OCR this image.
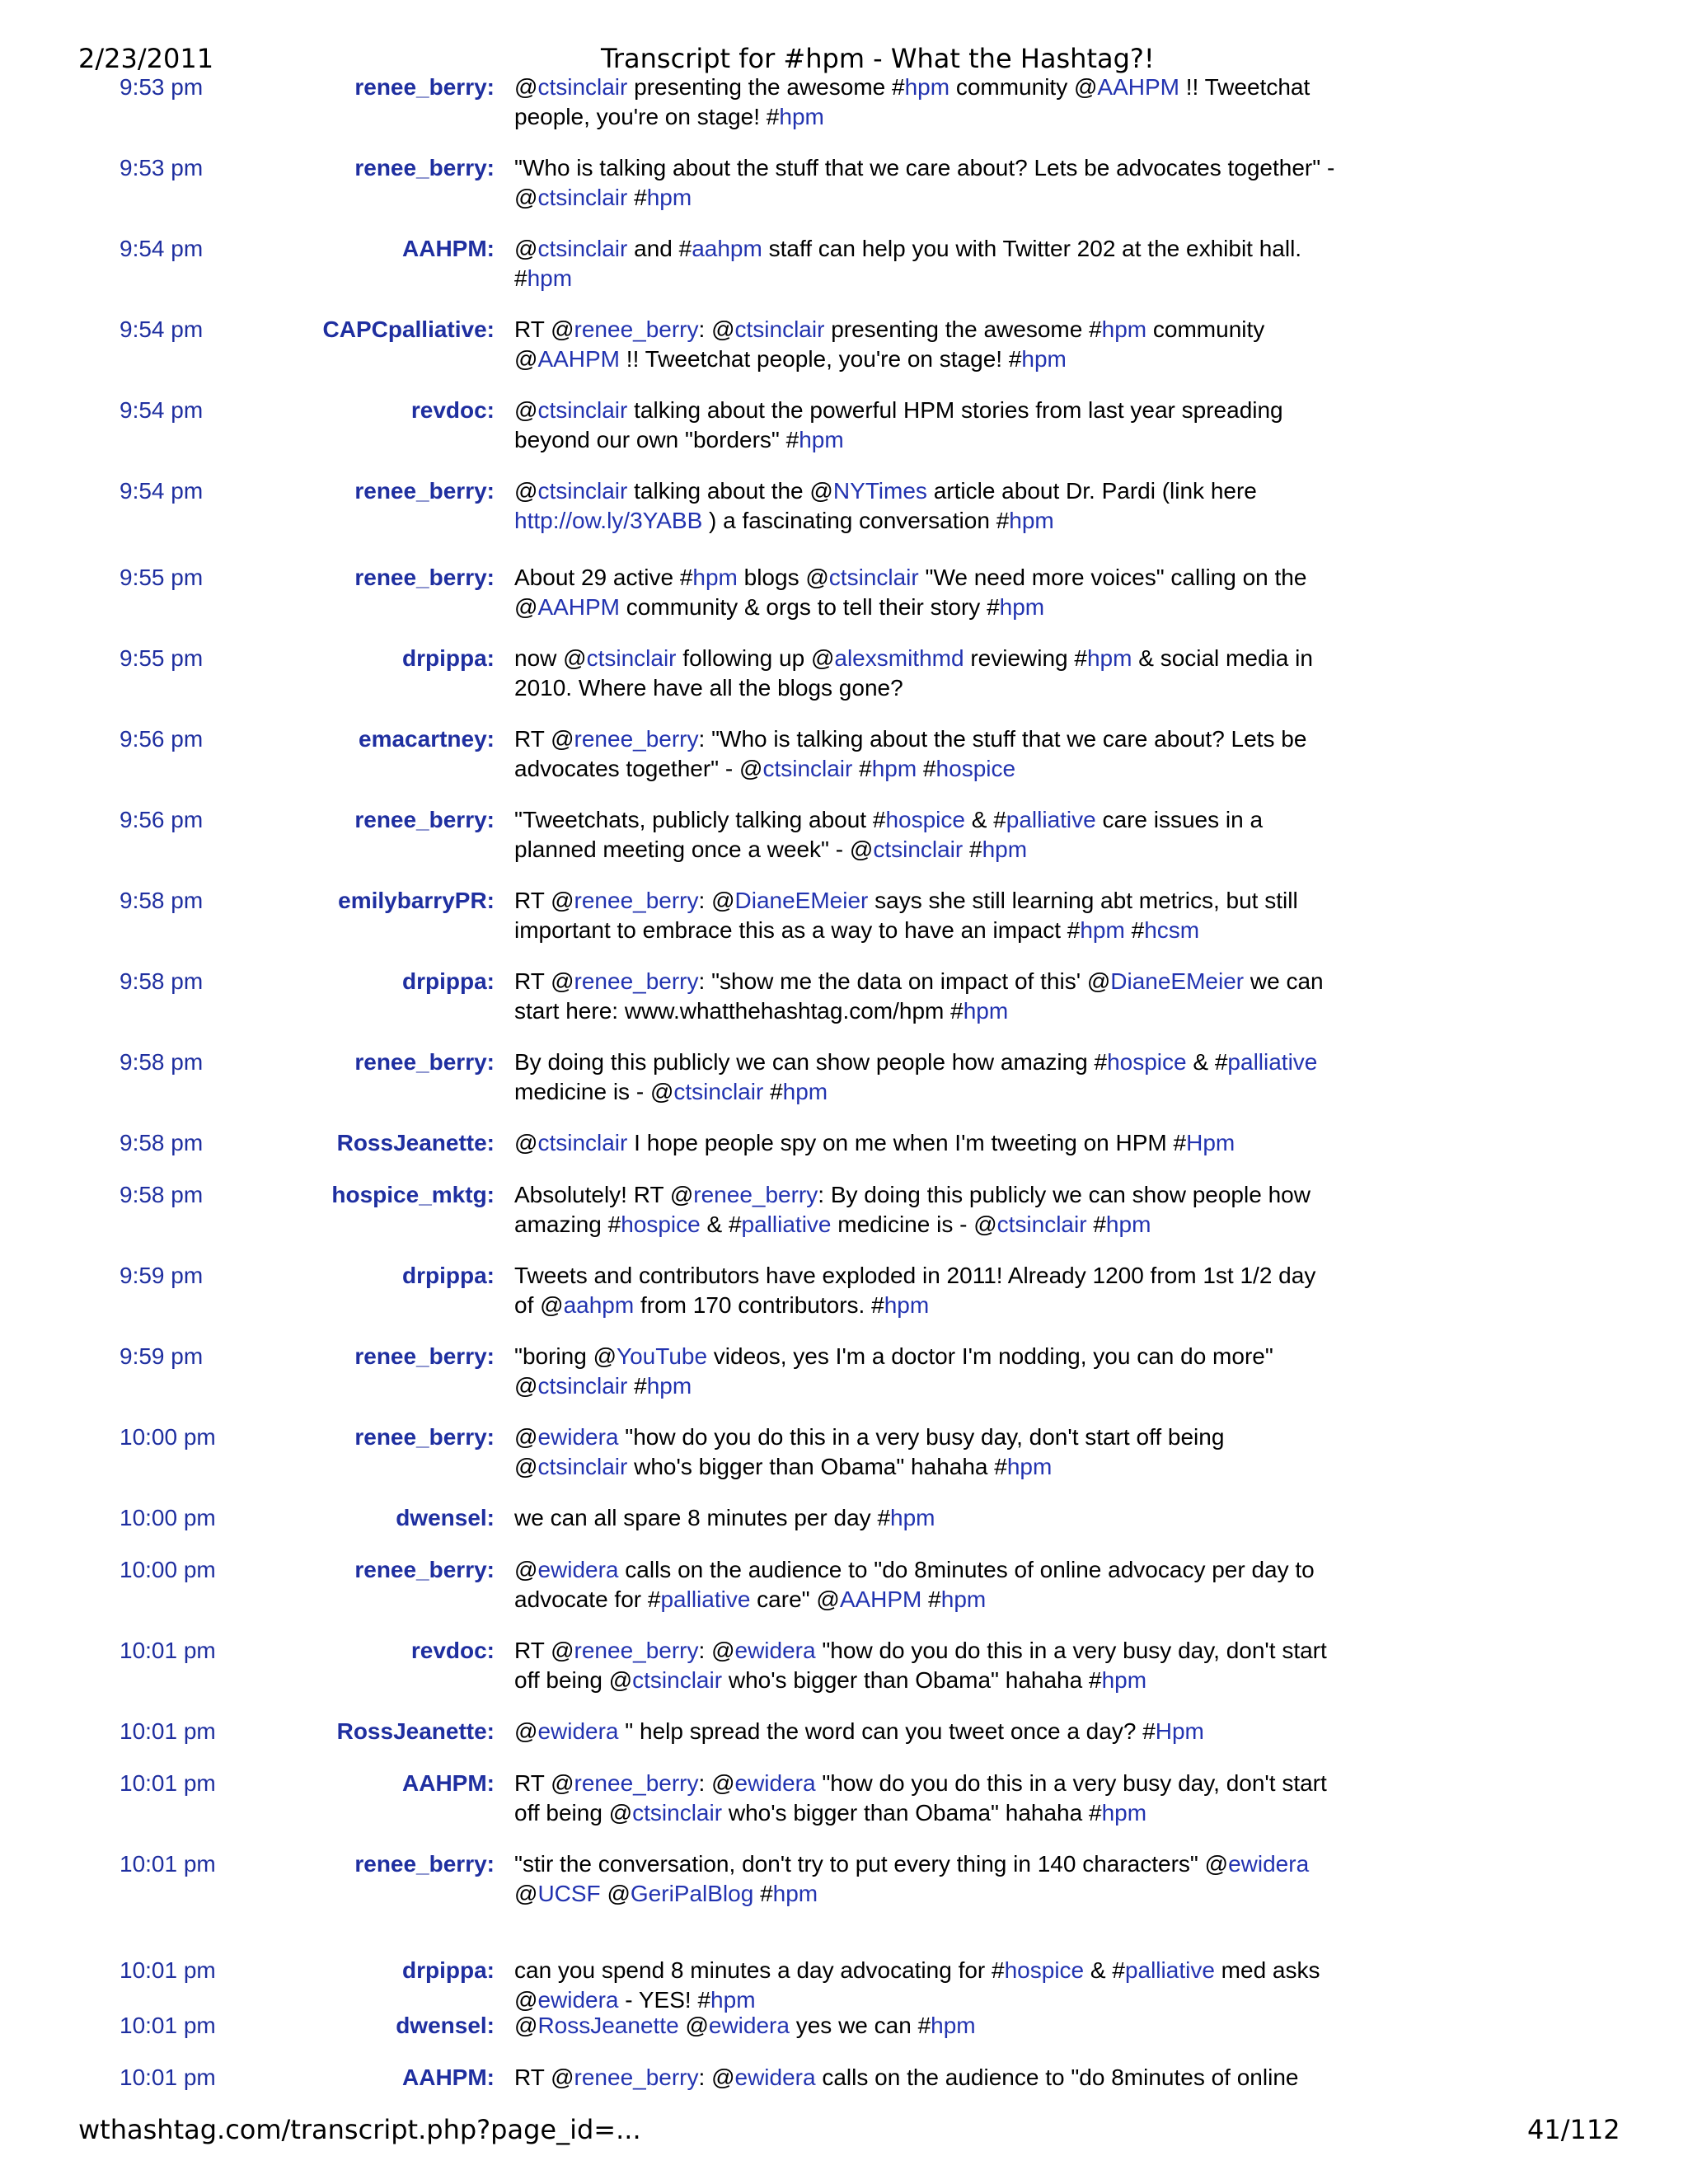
2/23/2011	Transcript for #hpm - What the Hashtag?!
9:53 pm	renee_berry: @ctsinclair presenting the awesome #hpm community @AAHPM !! Tweetchat people, you're on stage! #hpm
9:53 pm	renee_berry: "Who is talking about the stuff that we care about? Lets be advocates together" - @ctsinclair #hpm
9:54 pm	AAHPM: @ctsinclair and #aahpm staff can help you with Twitter 202 at the exhibit hall. #hpm
9:54 pm	CAPCpalliative: RT @renee_berry: @ctsinclair presenting the awesome #hpm community @AAHPM !! Tweetchat people, you're on stage! #hpm
9:54 pm	revdoc: @ctsinclair talking about the powerful HPM stories from last year spreading beyond our own "borders" #hpm
9:54 pm	renee_berry: @ctsinclair talking about the @NYTimes article about Dr. Pardi (link here http://ow.ly/3YABB ) a fascinating conversation #hpm
9:55 pm	renee_berry: About 29 active #hpm blogs @ctsinclair "We need more voices" calling on the @AAHPM community & orgs to tell their story #hpm
9:55 pm	drpippa: now @ctsinclair following up @alexsmithmd reviewing #hpm & social media in 2010. Where have all the blogs gone?
9:56 pm	emacartney: RT @renee_berry: "Who is talking about the stuff that we care about? Lets be advocates together" - @ctsinclair #hpm #hospice
9:56 pm	renee_berry: "Tweetchats, publicly talking about #hospice & #palliative care issues in a planned meeting once a week" - @ctsinclair #hpm
9:58 pm	emilybarryPR: RT @renee_berry: @DianeEMeier says she still learning abt metrics, but still important to embrace this as a way to have an impact #hpm #hcsm
9:58 pm	drpippa: RT @renee_berry: "show me the data on impact of this' @DianeEMeier we can start here: www.whatthehashtag.com/hpm #hpm
9:58 pm	renee_berry: By doing this publicly we can show people how amazing #hospice & #palliative medicine is - @ctsinclair #hpm
9:58 pm	RossJeanette: @ctsinclair I hope people spy on me when I'm tweeting on HPM #Hpm
9:58 pm	hospice_mktg: Absolutely! RT @renee_berry: By doing this publicly we can show people how amazing #hospice & #palliative medicine is - @ctsinclair #hpm
9:59 pm	drpippa: Tweets and contributors have exploded in 2011! Already 1200 from 1st 1/2 day of @aahpm from 170 contributors. #hpm
9:59 pm	renee_berry: "boring @YouTube videos, yes I'm a doctor I'm nodding, you can do more" @ctsinclair #hpm
10:00 pm	renee_berry: @ewidera "how do you do this in a very busy day, don't start off being @ctsinclair who's bigger than Obama" hahaha #hpm
10:00 pm	dwensel: we can all spare 8 minutes per day #hpm
10:00 pm	renee_berry: @ewidera calls on the audience to "do 8minutes of online advocacy per day to advocate for #palliative care" @AAHPM #hpm
10:01 pm	revdoc: RT @renee_berry: @ewidera "how do you do this in a very busy day, don't start off being @ctsinclair who's bigger than Obama" hahaha #hpm
10:01 pm	RossJeanette: @ewidera " help spread the word can you tweet once a day? #Hpm
10:01 pm	AAHPM: RT @renee_berry: @ewidera "how do you do this in a very busy day, don't start off being @ctsinclair who's bigger than Obama" hahaha #hpm
10:01 pm	renee_berry: "stir the conversation, don't try to put every thing in 140 characters" @ewidera @UCSF @GeriPalBlog #hpm
10:01 pm	drpippa: can you spend 8 minutes a day advocating for #hospice & #palliative med asks @ewidera - YES! #hpm
10:01 pm	dwensel: @RossJeanette @ewidera yes we can #hpm
10:01 pm	AAHPM: RT @renee_berry: @ewidera calls on the audience to "do 8minutes of online
wthashtag.com/transcript.php?page_id=...	41/112
